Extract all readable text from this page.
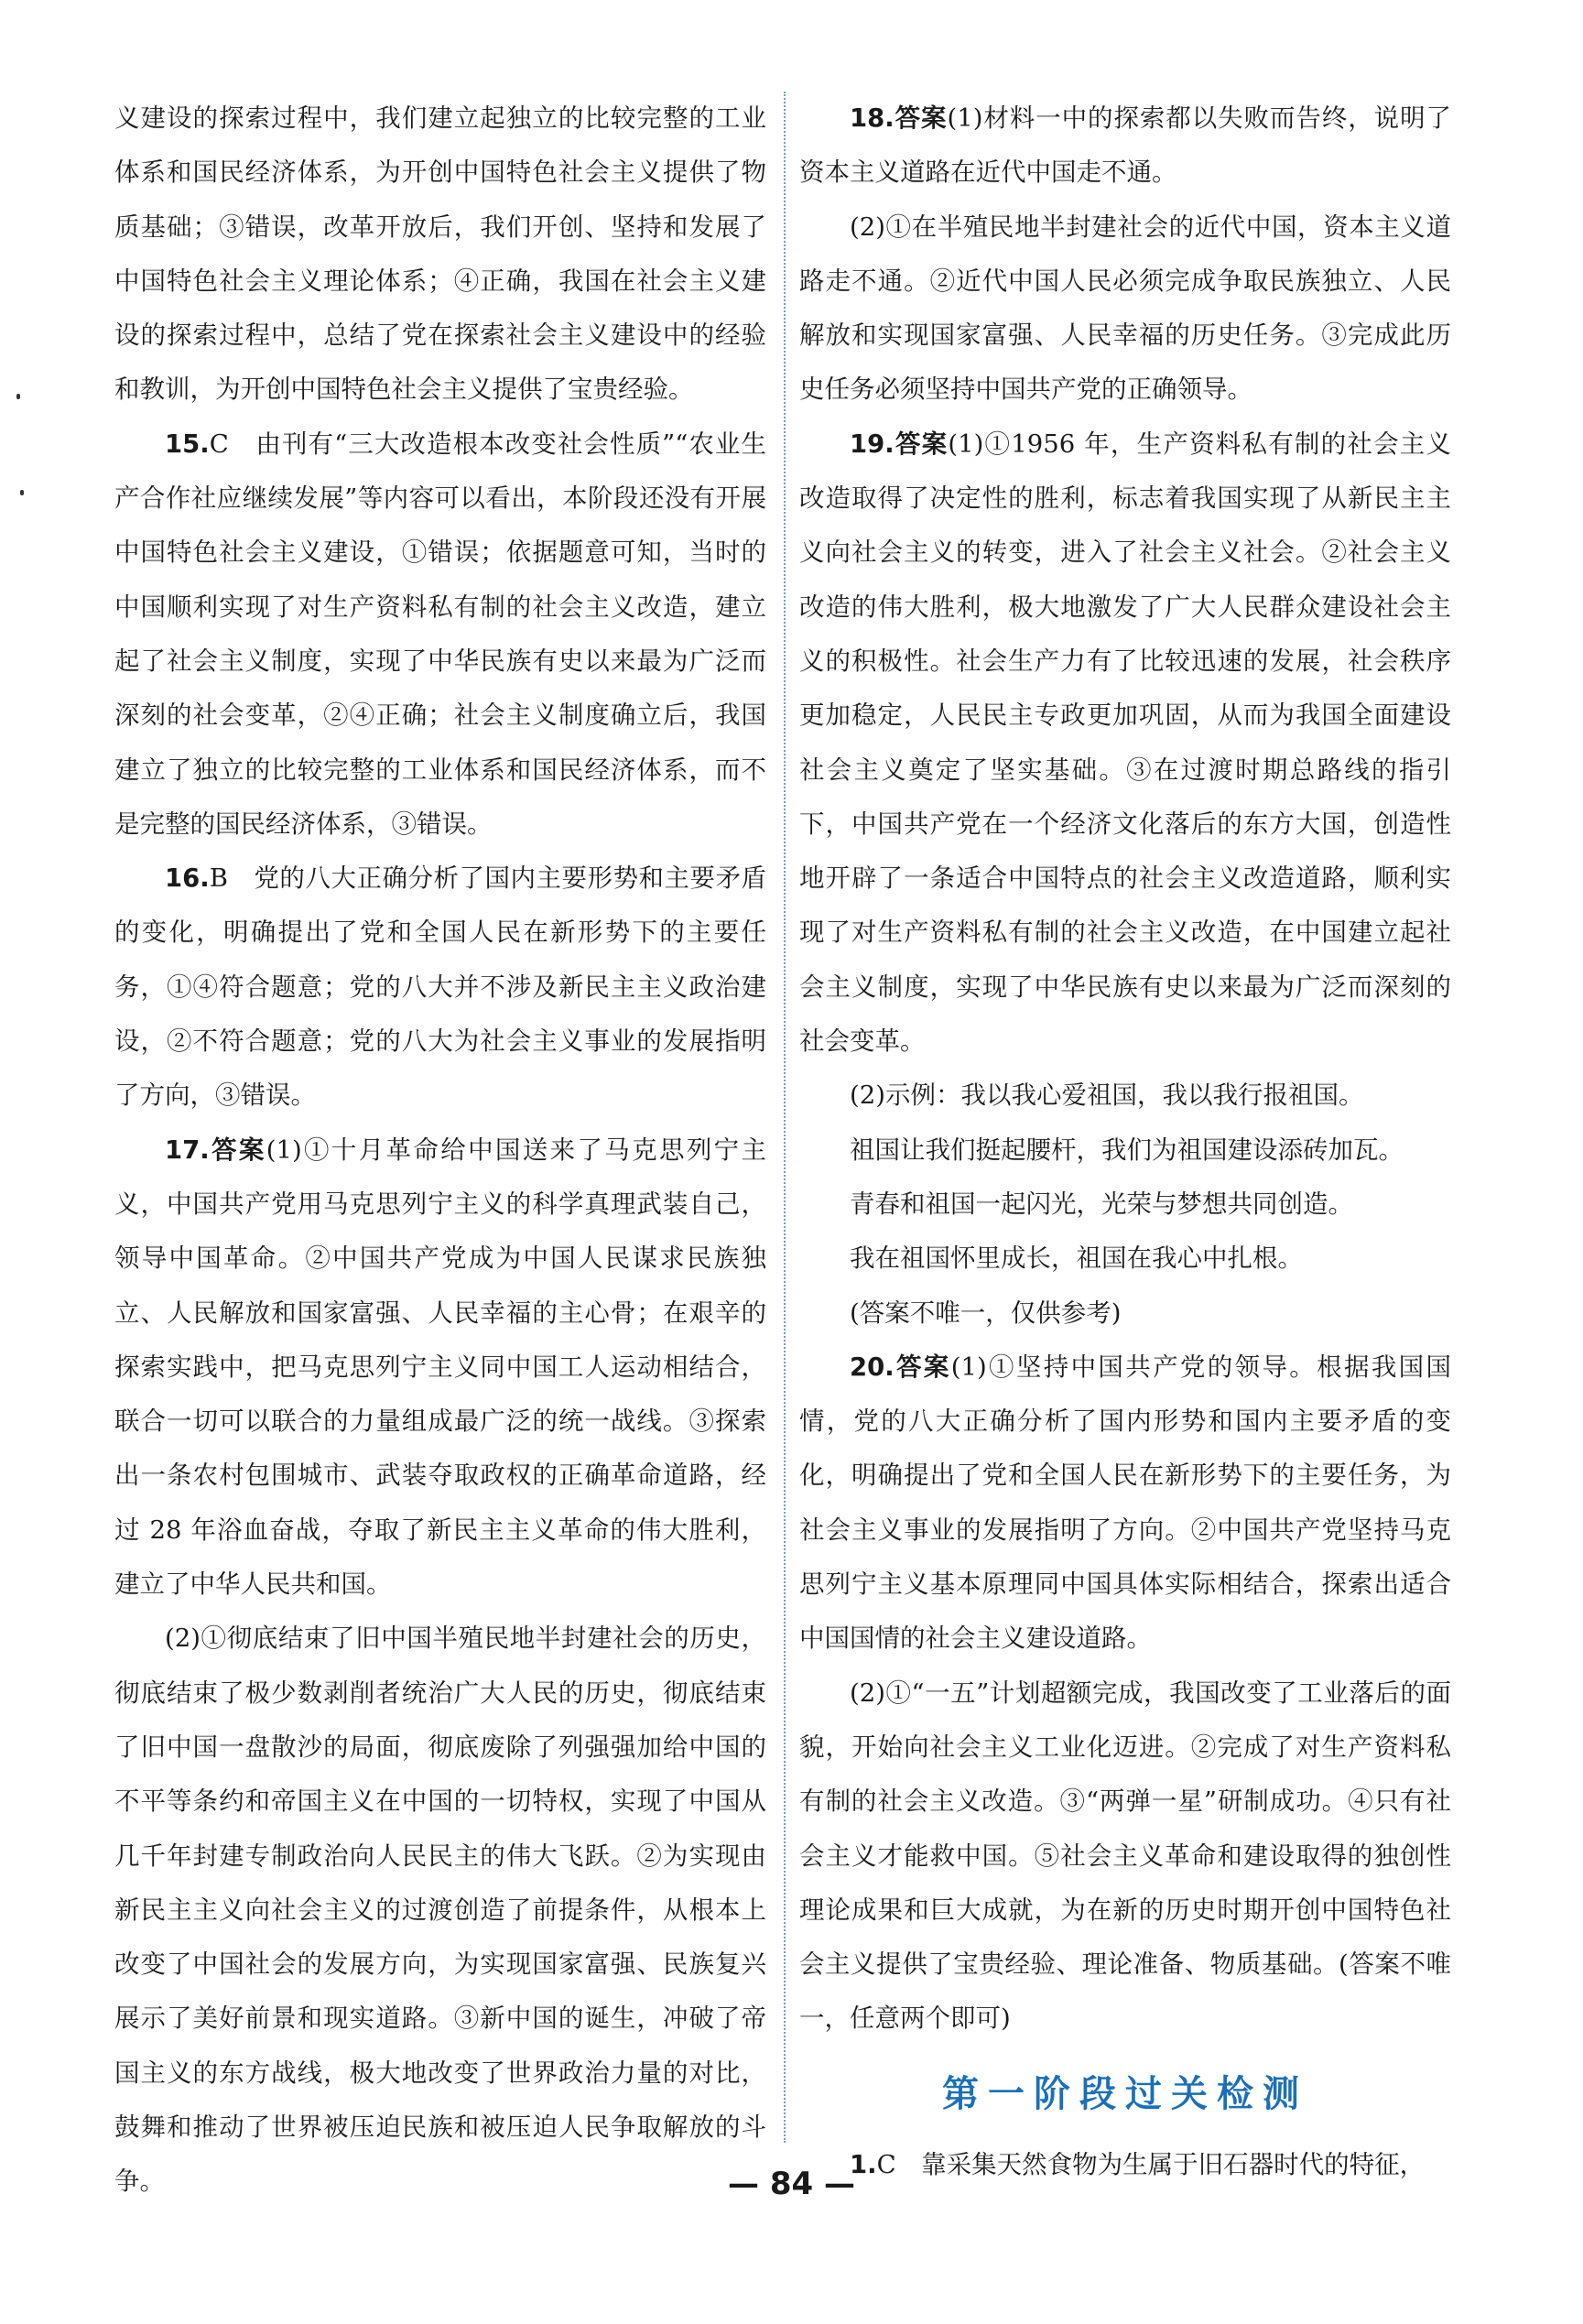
义建设的探索过程中，我们建立起独立的比较完整的工业体系和国民经济体系，为开创中国特色社会主义提供了物质基础；③错误，改革开放后，我们开创、坚持和发展了中国特色社会主义理论体系；④正确，我国在社会主义建设的探索过程中，总结了党在探索社会主义建设中的经验和教训，为开创中国特色社会主义提供了宝贵经验。

15.C　由刊有“三大改造根本改变社会性质”“农业生产合作社应继续发展”等内容可以看出，本阶段还没有开展中国特色社会主义建设，①错误；依据题意可知，当时的中国顺利实现了对生产资料私有制的社会主义改造，建立起了社会主义制度，实现了中华民族有史以来最为广泛而深刻的社会变革，②④正确；社会主义制度确立后，我国建立了独立的比较完整的工业体系和国民经济体系，而不是完整的国民经济体系，③错误。

16.B　党的八大正确分析了国内主要形势和主要矛盾的变化，明确提出了党和全国人民在新形势下的主要任务，①④符合题意；党的八大并不涉及新民主主义政治建设，②不符合题意；党的八大为社会主义事业的发展指明了方向，③错误。

17.答案(1)①十月革命给中国送来了马克思列宁主义，中国共产党用马克思列宁主义的科学真理武装自己，领导中国革命。②中国共产党成为中国人民谋求民族独立、人民解放和国家富强、人民幸福的主心骨；在艰辛的探索实践中，把马克思列宁主义同中国工人运动相结合，联合一切可以联合的力量组成最广泛的统一战线。③探索出一条农村包围城市、武装夺取政权的正确革命道路，经过 28 年浴血奋战，夺取了新民主主义革命的伟大胜利，建立了中华人民共和国。

(2)①彻底结束了旧中国半殖民地半封建社会的历史，彻底结束了极少数剥削者统治广大人民的历史，彻底结束了旧中国一盘散沙的局面，彻底废除了列强强加给中国的不平等条约和帝国主义在中国的一切特权，实现了中国从几千年封建专制政治向人民民主的伟大飞跃。②为实现由新民主主义向社会主义的过渡创造了前提条件，从根本上改变了中国社会的发展方向，为实现国家富强、民族复兴展示了美好前景和现实道路。③新中国的诞生，冲破了帝国主义的东方战线，极大地改变了世界政治力量的对比，鼓舞和推动了世界被压迫民族和被压迫人民争取解放的斗争。

18.答案(1)材料一中的探索都以失败而告终，说明了资本主义道路在近代中国走不通。

(2)①在半殖民地半封建社会的近代中国，资本主义道路走不通。②近代中国人民必须完成争取民族独立、人民解放和实现国家富强、人民幸福的历史任务。③完成此历史任务必须坚持中国共产党的正确领导。

19.答案(1)①1956 年，生产资料私有制的社会主义改造取得了决定性的胜利，标志着我国实现了从新民主主义向社会主义的转变，进入了社会主义社会。②社会主义改造的伟大胜利，极大地激发了广大人民群众建设社会主义的积极性。社会生产力有了比较迅速的发展，社会秩序更加稳定，人民民主专政更加巩固，从而为我国全面建设社会主义奠定了坚实基础。③在过渡时期总路线的指引下，中国共产党在一个经济文化落后的东方大国，创造性地开辟了一条适合中国特点的社会主义改造道路，顺利实现了对生产资料私有制的社会主义改造，在中国建立起社会主义制度，实现了中华民族有史以来最为广泛而深刻的社会变革。

(2)示例：我以我心爱祖国，我以我行报祖国。

祖国让我们挺起腰杆，我们为祖国建设添砖加瓦。

青春和祖国一起闪光，光荣与梦想共同创造。

我在祖国怀里成长，祖国在我心中扎根。

(答案不唯一，仅供参考)

20.答案(1)①坚持中国共产党的领导。根据我国国情，党的八大正确分析了国内形势和国内主要矛盾的变化，明确提出了党和全国人民在新形势下的主要任务，为社会主义事业的发展指明了方向。②中国共产党坚持马克思列宁主义基本原理同中国具体实际相结合，探索出适合中国国情的社会主义建设道路。

(2)①“一五”计划超额完成，我国改变了工业落后的面貌，开始向社会主义工业化迈进。②完成了对生产资料私有制的社会主义改造。③“两弹一星”研制成功。④只有社会主义才能救中国。⑤社会主义革命和建设取得的独创性理论成果和巨大成就，为在新的历史时期开创中国特色社会主义提供了宝贵经验、理论准备、物质基础。(答案不唯一，任意两个即可)

第一阶段过关检测

1.C　靠采集天然食物为生属于旧石器时代的特征，

— 84 —
